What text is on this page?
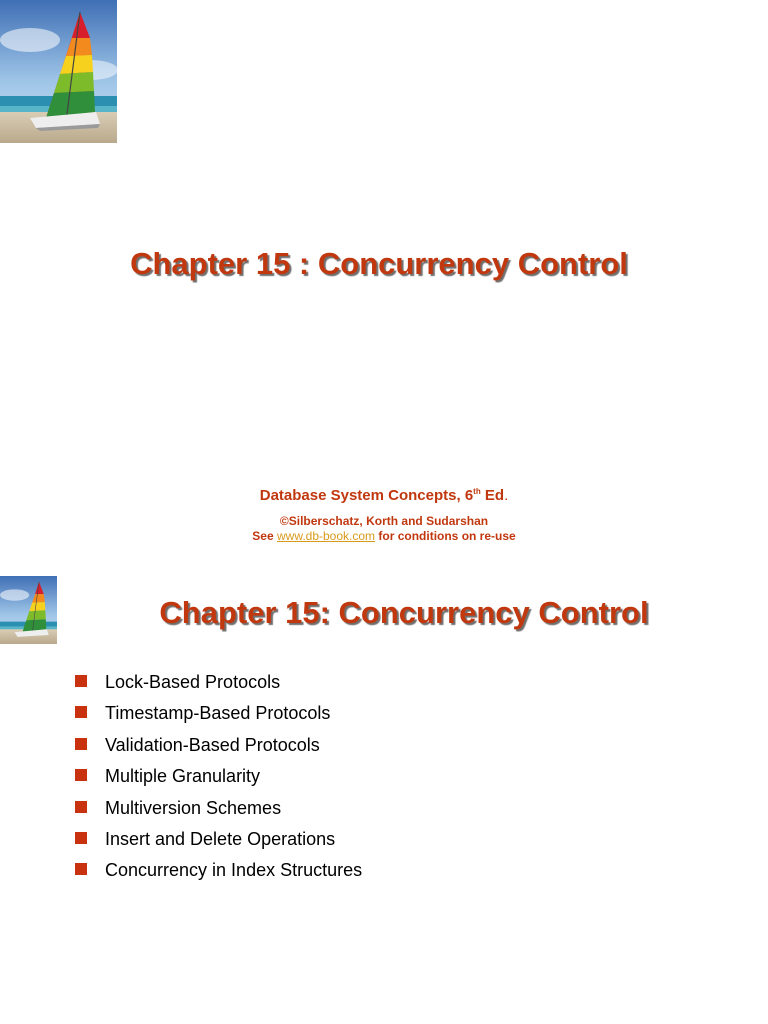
Chapter 15 : Concurrency Control
Database System Concepts, 6th Ed.
©Silberschatz, Korth and Sudarshan
See www.db-book.com for conditions on re-use
Chapter 15: Concurrency Control
Lock-Based Protocols
Timestamp-Based Protocols
Validation-Based Protocols
Multiple Granularity
Multiversion Schemes
Insert and Delete Operations
Concurrency in Index Structures
